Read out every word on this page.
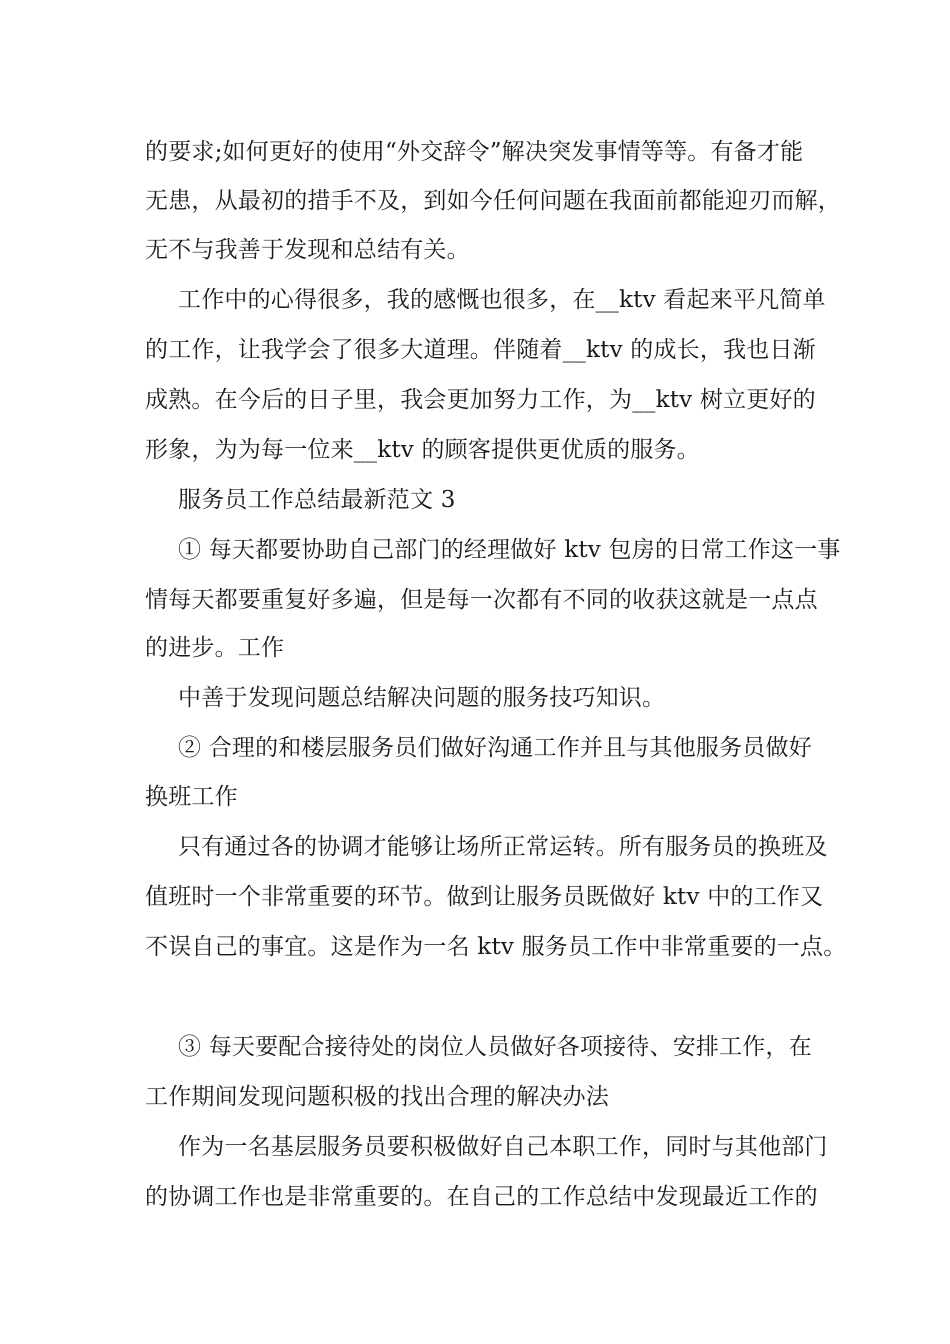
的要求;如何更好的使用“外交辞令”解决突发事情等等。有备才能
无患，从最初的措手不及，到如今任何问题在我面前都能迎刃而解，
无不与我善于发现和总结有关。
工作中的心得很多，我的感慨也很多，在__ktv 看起来平凡简单
的工作，让我学会了很多大道理。伴随着__ktv 的成长，我也日渐
成熟。在今后的日子里，我会更加努力工作，为__ktv 树立更好的
形象，为为每一位来__ktv 的顾客提供更优质的服务。
服务员工作总结最新范文 3
① 每天都要协助自己部门的经理做好 ktv 包房的日常工作这一事
情每天都要重复好多遍，但是每一次都有不同的收获这就是一点点
的进步。工作
中善于发现问题总结解决问题的服务技巧知识。
② 合理的和楼层服务员们做好沟通工作并且与其他服务员做好
换班工作
只有通过各的协调才能够让场所正常运转。所有服务员的换班及
值班时一个非常重要的环节。做到让服务员既做好 ktv 中的工作又
不误自己的事宜。这是作为一名 ktv 服务员工作中非常重要的一点。
③ 每天要配合接待处的岗位人员做好各项接待、安排工作，在
工作期间发现问题积极的找出合理的解决办法
作为一名基层服务员要积极做好自己本职工作，同时与其他部门
的协调工作也是非常重要的。在自己的工作总结中发现最近工作的
